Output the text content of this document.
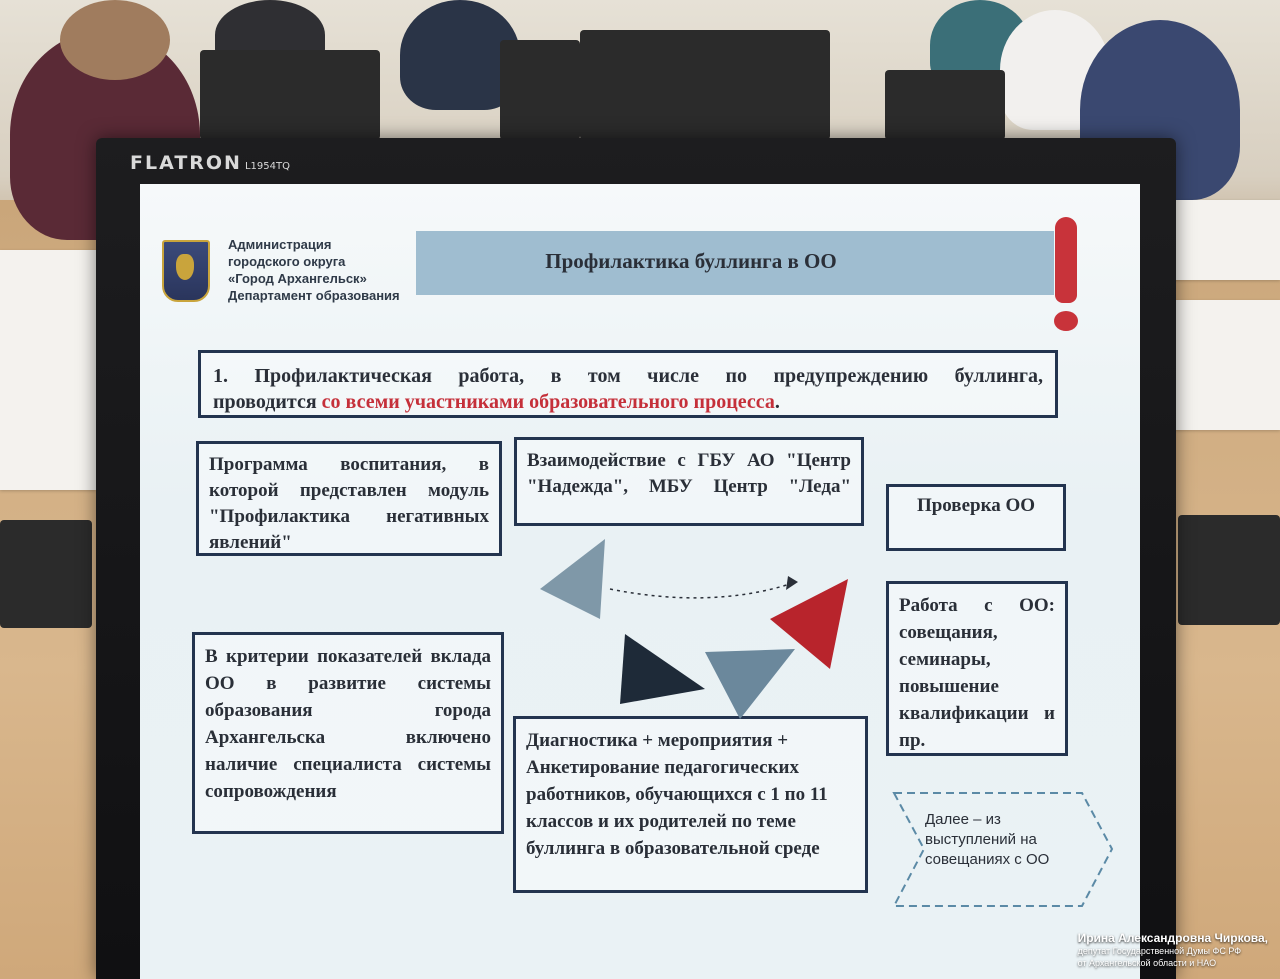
FLATRON L1954TQ
Администрация
городского округа
«Город Архангельск»
Департамент образования
Профилактика буллинга в ОО
1. Профилактическая работа, в том числе по предупреждению буллинга,
проводится со всеми участниками образовательного процесса.
Программа воспитания, в которой представлен модуль "Профилактика негативных явлений"
Взаимодействие с ГБУ АО "Центр "Надежда", МБУ Центр "Леда"
Проверка ОО
Работа с ОО: совещания, семинары, повышение квалификации и пр.
В критерии показателей вклада ОО в развитие системы образования города Архангельска включено наличие специалиста системы сопровождения
Диагностика + мероприятия + Анкетирование педагогических работников, обучающихся с 1 по 11 классов и их родителей по теме буллинга в образовательной среде
Далее – из выступлений на совещаниях с ОО
Ирина Александровна Чиркова,
депутат Государственной Думы ФС РФ
от Архангельской области и НАО
